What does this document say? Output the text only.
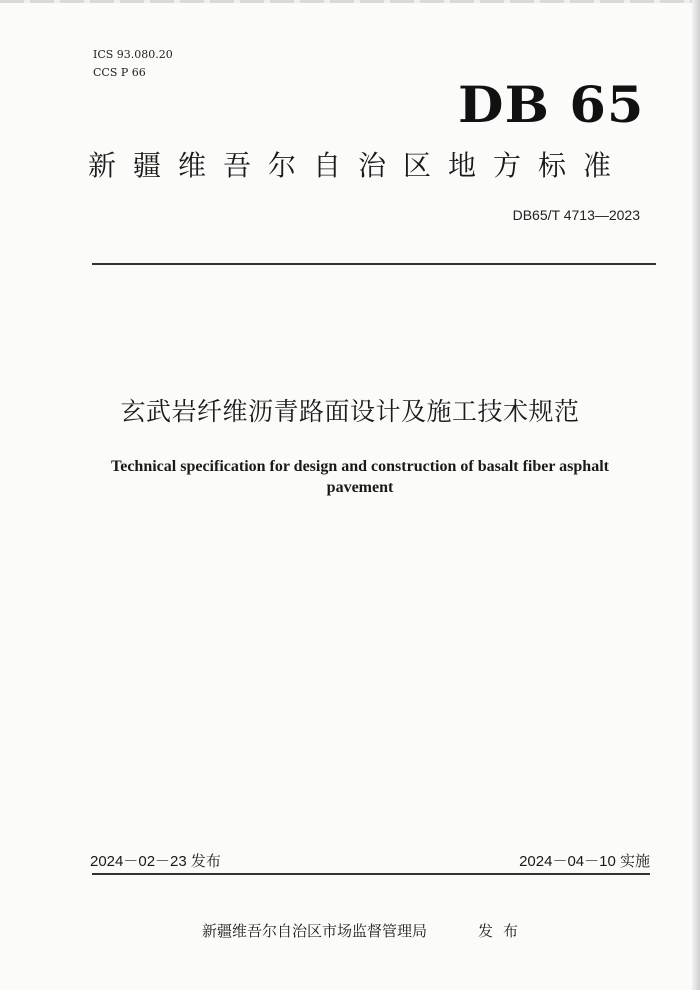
ICS 93.080.20
CCS P 66
DB 65
新疆维吾尔自治区地方标准
DB65/T 4713—2023
玄武岩纤维沥青路面设计及施工技术规范
Technical specification for design and construction of basalt fiber asphalt pavement
2024－02－23 发布	2024－04－10 实施
新疆维吾尔自治区市场监督管理局	发布
